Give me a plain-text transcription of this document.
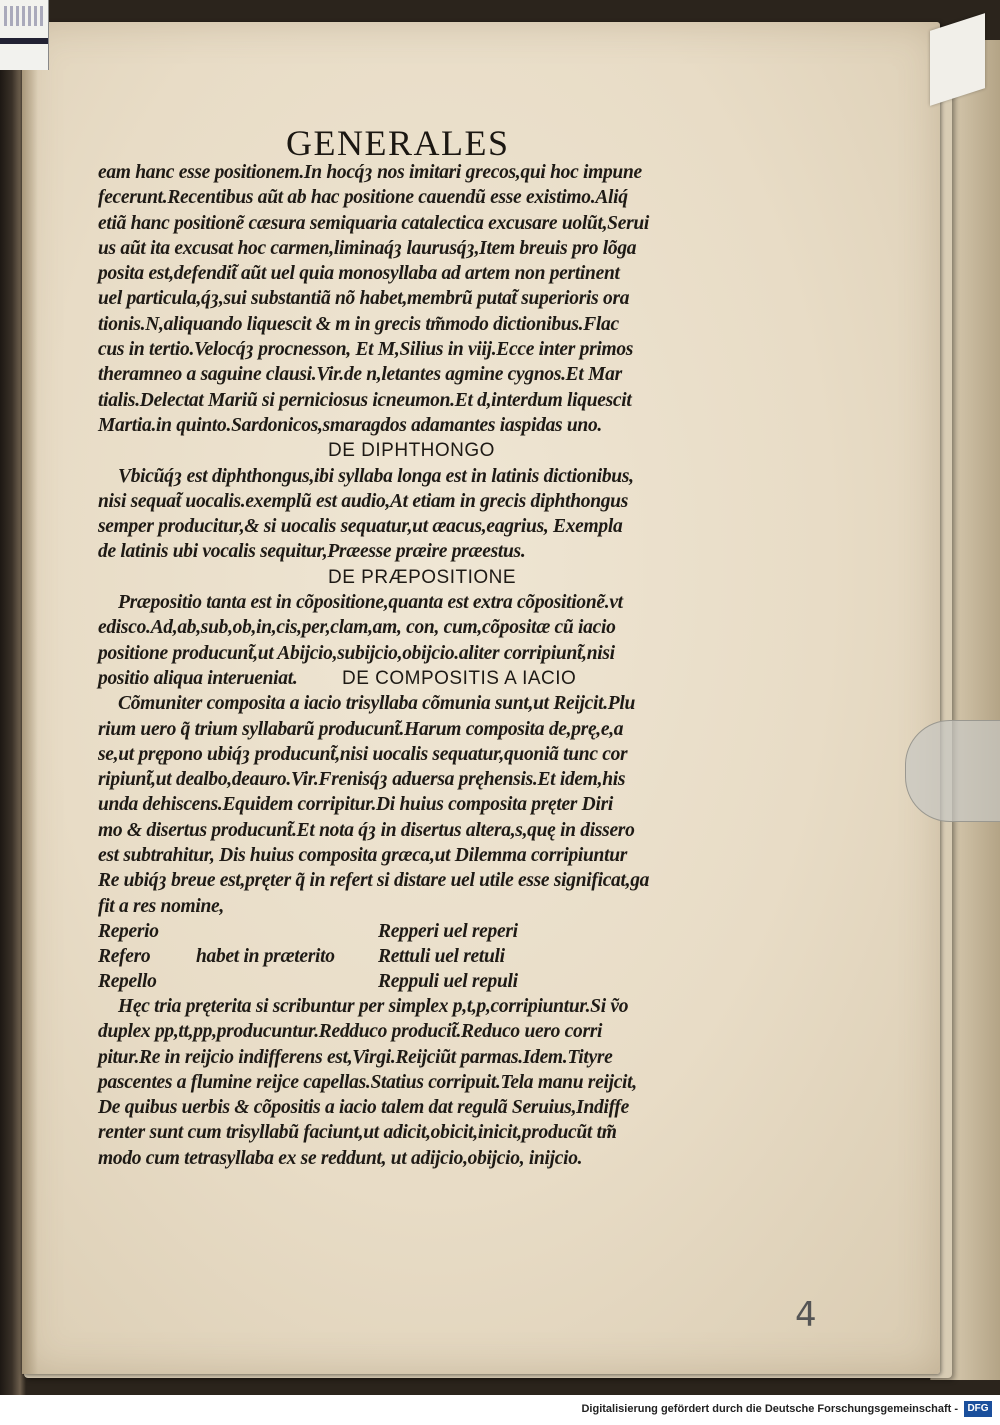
GENERALES
eam hanc esse positionem.In hocq́ȝ nos imitari grecos,qui hoc impune
fecerunt.Recentibus aũt ab hac positione cauendũ esse existimo.Aliq́
etiã hanc positionẽ cæsura semiquaria catalectica excusare uolũt,Serui
us aũt ita excusat hoc carmen,liminaq́ȝ laurusq́ȝ,Item breuis pro lõga
posita est,defendit̃ aũt uel quia monosyllaba ad artem non pertinent
uel particula,q́ȝ,sui substantiã nõ habet,membrũ putat̃ superioris ora
tionis.N,aliquando liquescit & m in grecis tm̃modo dictionibus.Flac
cus in tertio.Velocq́ȝ procnesson, Et M,Silius in viij.Ecce inter primos
theramneo a saguine clausi.Vir.de n,letantes agmine cygnos.Et Mar
tialis.Delectat Mariũ si perniciosus icneumon.Et d,interdum liquescit
Martia.in quinto.Sardonicos,smaragdos adamantes iaspidas uno.
DE DIPHTHONGO
Vbicũq́ȝ est diphthongus,ibi syllaba longa est in latinis dictionibus,
nisi sequat̃ uocalis.exemplũ est audio,At etiam in grecis diphthongus
semper producitur,& si uocalis sequatur,ut æacus,eagrius, Exempla
de latinis ubi vocalis sequitur,Præesse præire præestus.
DE PRÆPOSITIONE
Præpositio tanta est in cõpositione,quanta est extra cõpositionẽ.vt
edisco.Ad,ab,sub,ob,in,cis,per,clam,am, con, cum,cõpositæ cũ iacio
positione producunt̃,ut Abijcio,subijcio,obijcio.aliter corripiunt̃,nisi
positio aliqua interueniat. DE COMPOSITIS A IACIO
Cõmuniter composita a iacio trisyllaba cõmunia sunt,ut Reijcit.Plu
rium uero q̃ trium syllabarũ producunt̃.Harum composita de,prę,e,a
se,ut prępono ubiq́ȝ producunt̃,nisi uocalis sequatur,quoniã tunc cor
ripiunt̃,ut dealbo,deauro.Vir.Frenisq́ȝ aduersa pręhensis.Et idem,his
unda dehiscens.Equidem corripitur.Di huius composita pręter Diri
mo & disertus producunt̃.Et nota q́ȝ in disertus altera,s,quę in dissero
est subtrahitur, Dis huius composita græca,ut Dilemma corripiuntur
Re ubiq́ȝ breue est,pręter q̃ in refert si distare uel utile esse significat,ga
fit a res nomine,
Reperio	Repperi uel reperi
Refero habet in præterito Rettuli uel retuli
Repello	Reppuli uel repuli
Hęc tria pręterita si scribuntur per simplex p,t,p,corripiuntur.Si ṽo
duplex pp,tt,pp,producuntur.Redduco producit̃.Reduco uero corri
pitur.Re in reijcio indifferens est,Virgi.Reijciũt parmas.Idem.Tityre
pascentes a flumine reijce capellas.Statius corripuit.Tela manu reijcit,
De quibus uerbis & cõpositis a iacio talem dat regulã Seruius,Indiffe
renter sunt cum trisyllabũ faciunt,ut adicit,obicit,inicit,producũt tm̃
modo cum tetrasyllaba ex se reddunt, ut adijcio,obijcio, inijcio.
4
Digitalisierung gefördert durch die Deutsche Forschungsgemeinschaft - DFG
